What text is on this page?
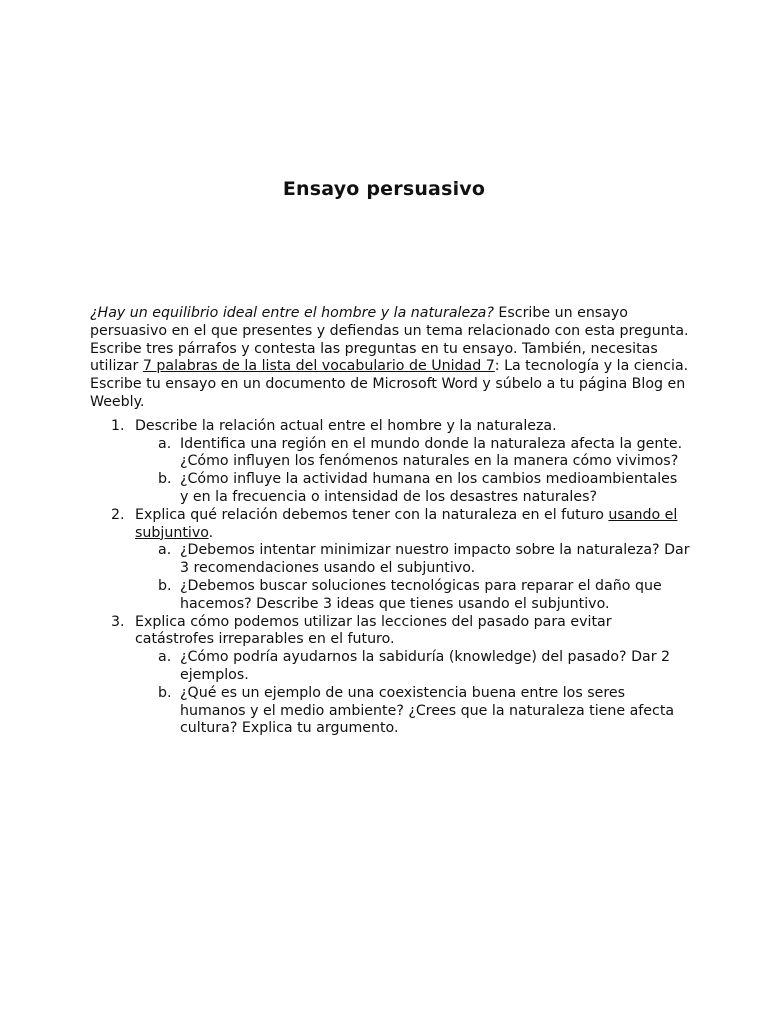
Ensayo persuasivo

¿Hay un equilibrio ideal entre el hombre y la naturaleza? Escribe un ensayo persuasivo en el que presentes y defiendas un tema relacionado con esta pregunta. Escribe tres párrafos y contesta las preguntas en tu ensayo. También, necesitas utilizar 7 palabras de la lista del vocabulario de Unidad 7: La tecnología y la ciencia. Escribe tu ensayo en un documento de Microsoft Word y súbelo a tu página Blog en Weebly.

1. Describe la relación actual entre el hombre y la naturaleza.
a. Identifica una región en el mundo donde la naturaleza afecta la gente. ¿Cómo influyen los fenómenos naturales en la manera cómo vivimos?
b. ¿Cómo influye la actividad humana en los cambios medioambientales y en la frecuencia o intensidad de los desastres naturales?
2. Explica qué relación debemos tener con la naturaleza en el futuro usando el subjuntivo.
a. ¿Debemos intentar minimizar nuestro impacto sobre la naturaleza? Dar 3 recomendaciones usando el subjuntivo.
b. ¿Debemos buscar soluciones tecnológicas para reparar el daño que hacemos? Describe 3 ideas que tienes usando el subjuntivo.
3. Explica cómo podemos utilizar las lecciones del pasado para evitar catástrofes irreparables en el futuro.
a. ¿Cómo podría ayudarnos la sabiduría (knowledge) del pasado? Dar 2 ejemplos.
b. ¿Qué es un ejemplo de una coexistencia buena entre los seres humanos y el medio ambiente? ¿Crees que la naturaleza tiene afecta cultura? Explica tu argumento.
